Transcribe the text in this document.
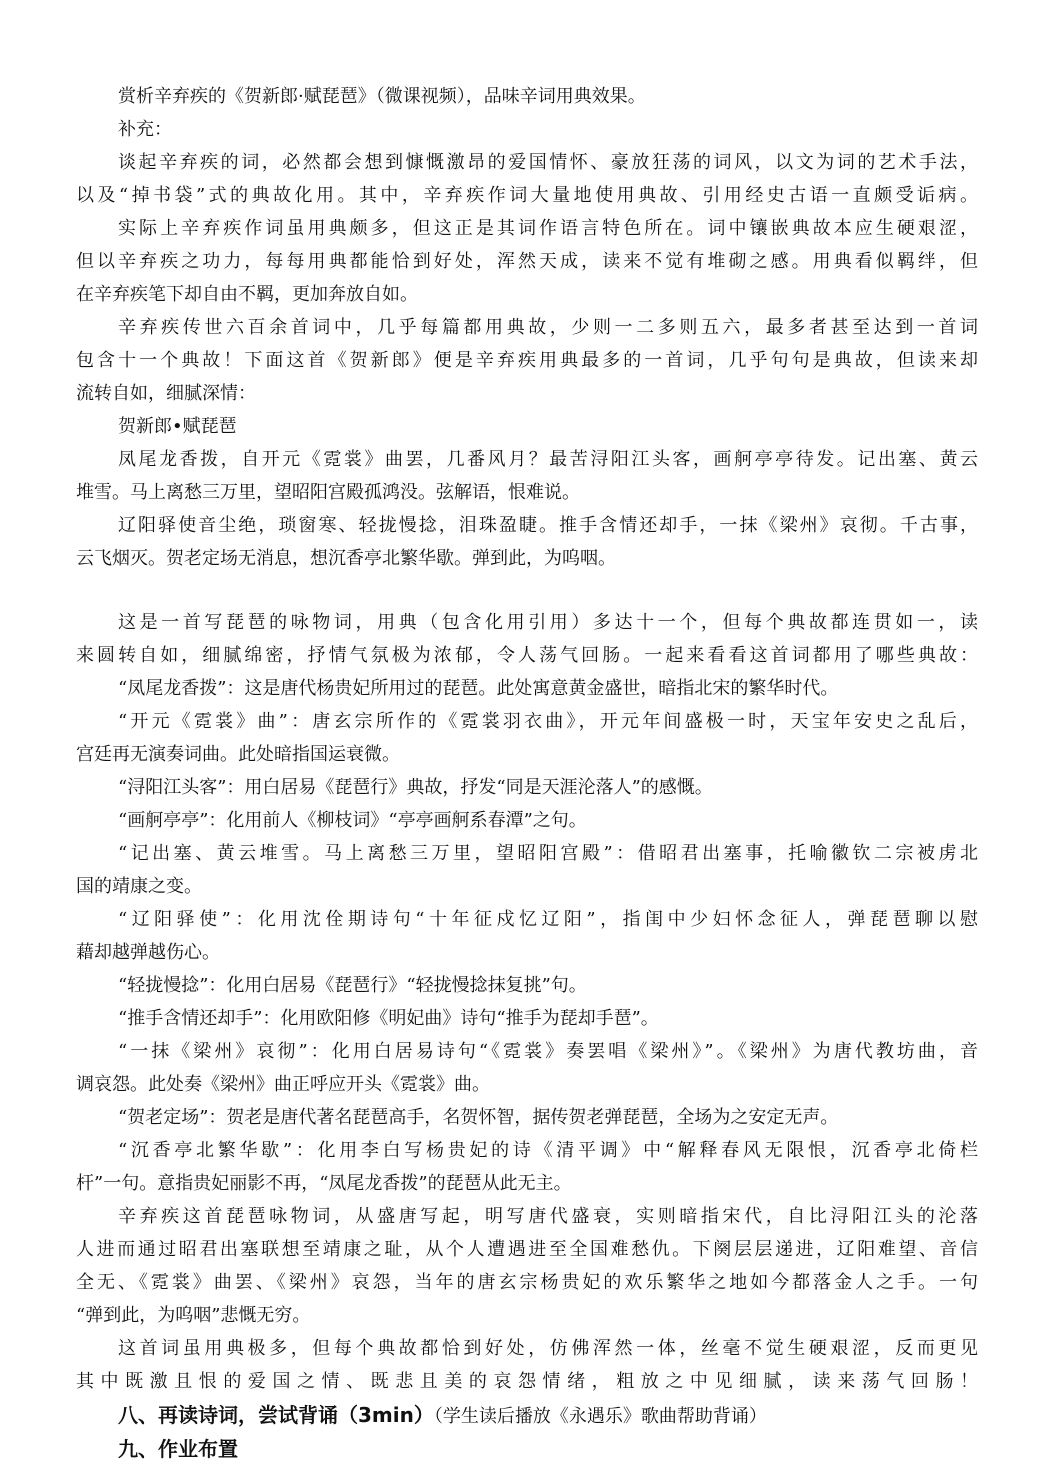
赏析辛弃疾的《贺新郎·赋琵琶》（微课视频），品味辛词用典效果。
补充：
谈起辛弃疾的词，必然都会想到慷慨激昂的爱国情怀、豪放狂荡的词风，以文为词的艺术手法，
以及“掉书袋”式的典故化用。其中，辛弃疾作词大量地使用典故、引用经史古语一直颇受诟病。
实际上辛弃疾作词虽用典颇多，但这正是其词作语言特色所在。词中镶嵌典故本应生硬艰涩，
但以辛弃疾之功力，每每用典都能恰到好处，浑然天成，读来不觉有堆砌之感。用典看似羁绊，但
在辛弃疾笔下却自由不羁，更加奔放自如。
辛弃疾传世六百余首词中，几乎每篇都用典故，少则一二多则五六，最多者甚至达到一首词
包含十一个典故！下面这首《贺新郎》便是辛弃疾用典最多的一首词，几乎句句是典故，但读来却
流转自如，细腻深情：
贺新郎•赋琵琶
凤尾龙香拨，自开元《霓裳》曲罢，几番风月？最苦浔阳江头客，画舸亭亭待发。记出塞、黄云
堆雪。马上离愁三万里，望昭阳宫殿孤鸿没。弦解语，恨难说。
辽阳驿使音尘绝，琐窗寒、轻拢慢捻，泪珠盈睫。推手含情还却手，一抹《梁州》哀彻。千古事，
云飞烟灭。贺老定场无消息，想沉香亭北繁华歇。弹到此，为呜咽。
这是一首写琵琶的咏物词，用典（包含化用引用）多达十一个，但每个典故都连贯如一，读
来圆转自如，细腻绵密，抒情气氛极为浓郁，令人荡气回肠。一起来看看这首词都用了哪些典故：
“凤尾龙香拨”：这是唐代杨贵妃所用过的琵琶。此处寓意黄金盛世，暗指北宋的繁华时代。
“开元《霓裳》曲”：唐玄宗所作的《霓裳羽衣曲》，开元年间盛极一时，天宝年安史之乱后，
宫廷再无演奏词曲。此处暗指国运衰微。
“浔阳江头客”：用白居易《琵琶行》典故，抒发“同是天涯沦落人”的感慨。
“画舸亭亭”：化用前人《柳枝词》“亭亭画舸系春潭”之句。
“记出塞、黄云堆雪。马上离愁三万里，望昭阳宫殿”：借昭君出塞事，托喻徽钦二宗被虏北
国的靖康之变。
“辽阳驿使”：化用沈佺期诗句“十年征戍忆辽阳”，指闺中少妇怀念征人，弹琵琶聊以慰
藉却越弹越伤心。
“轻拢慢捻”：化用白居易《琵琶行》“轻拢慢捻抹复挑”句。
“推手含情还却手”：化用欧阳修《明妃曲》诗句“推手为琵却手琶”。
“一抹《梁州》哀彻”：化用白居易诗句“《霓裳》奏罢唱《梁州》”。《梁州》为唐代教坊曲，音
调哀怨。此处奏《梁州》曲正呼应开头《霓裳》曲。
“贺老定场”：贺老是唐代著名琵琶高手，名贺怀智，据传贺老弹琵琶，全场为之安定无声。
“沉香亭北繁华歇”：化用李白写杨贵妃的诗《清平调》中“解释春风无限恨，沉香亭北倚栏
杆”一句。意指贵妃丽影不再，“凤尾龙香拨”的琵琶从此无主。
辛弃疾这首琵琶咏物词，从盛唐写起，明写唐代盛衰，实则暗指宋代，自比浔阳江头的沦落
人进而通过昭君出塞联想至靖康之耻，从个人遭遇进至全国难愁仇。下阕层层递进，辽阳难望、音信
全无、《霓裳》曲罢、《梁州》哀怨，当年的唐玄宗杨贵妃的欢乐繁华之地如今都落金人之手。一句
“弹到此，为呜咽”悲慨无穷。
这首词虽用典极多，但每个典故都恰到好处，仿佛浑然一体，丝毫不觉生硬艰涩，反而更见
其中既激且恨的爱国之情、既悲且美的哀怨情绪，粗放之中见细腻，读来荡气回肠！
八、再读诗词，尝试背诵（3min）（学生读后播放《永遇乐》歌曲帮助背诵）
九、作业布置
